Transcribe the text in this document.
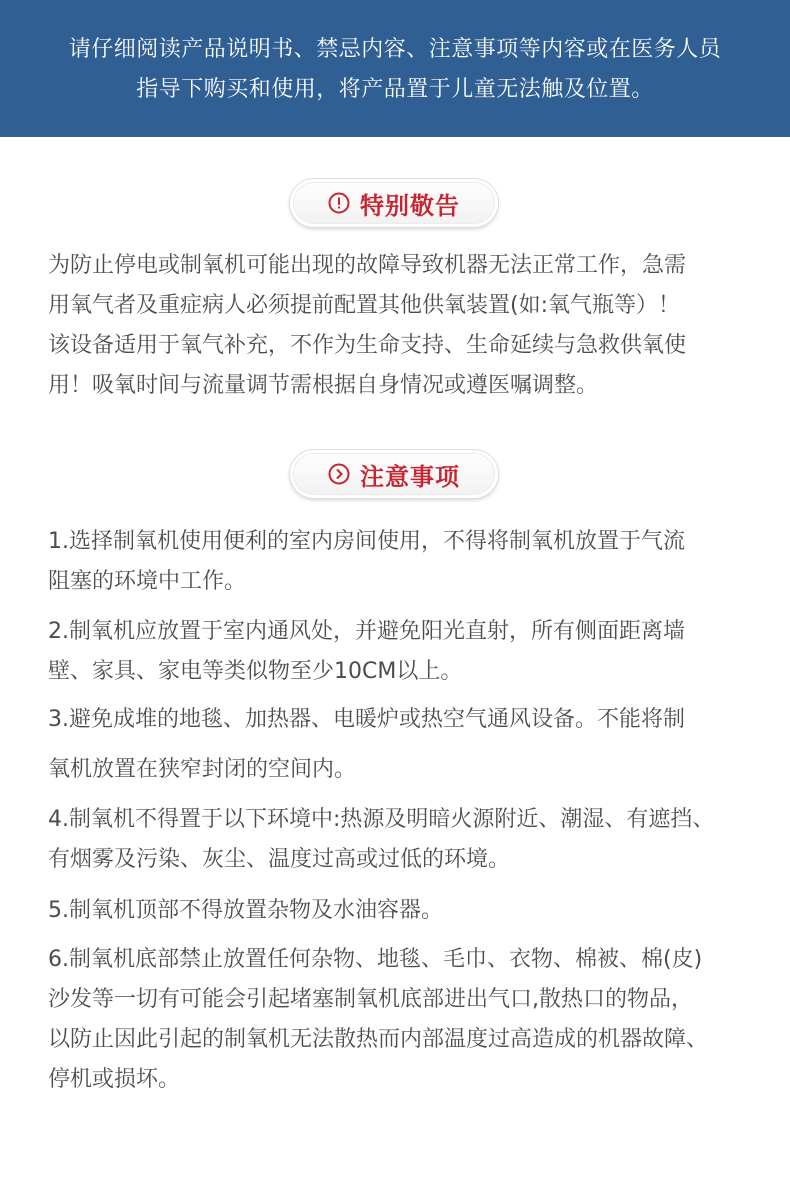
请仔细阅读产品说明书、禁忌内容、注意事项等内容或在医务人员
指导下购买和使用，将产品置于儿童无法触及位置。
特别敬告
为防止停电或制氧机可能出现的故障导致机器无法正常工作，急需
用氧气者及重症病人必须提前配置其他供氧装置(如:氧气瓶等）！
该设备适用于氧气补充，不作为生命支持、生命延续与急救供氧使
用！吸氧时间与流量调节需根据自身情况或遵医嘱调整。
注意事项
1.选择制氧机使用便利的室内房间使用，不得将制氧机放置于气流
阻塞的环境中工作。
2.制氧机应放置于室内通风处，并避免阳光直射，所有侧面距离墙
壁、家具、家电等类似物至少10CM以上。
3.避免成堆的地毯、加热器、电暖炉或热空气通风设备。不能将制
氧机放置在狭窄封闭的空间内。
4.制氧机不得置于以下环境中:热源及明暗火源附近、潮湿、有遮挡、
有烟雾及污染、灰尘、温度过高或过低的环境。
5.制氧机顶部不得放置杂物及水油容器。
6.制氧机底部禁止放置任何杂物、地毯、毛巾、衣物、棉被、棉(皮)
沙发等一切有可能会引起堵塞制氧机底部进出气口,散热口的物品，
以防止因此引起的制氧机无法散热而内部温度过高造成的机器故障、
停机或损坏。
